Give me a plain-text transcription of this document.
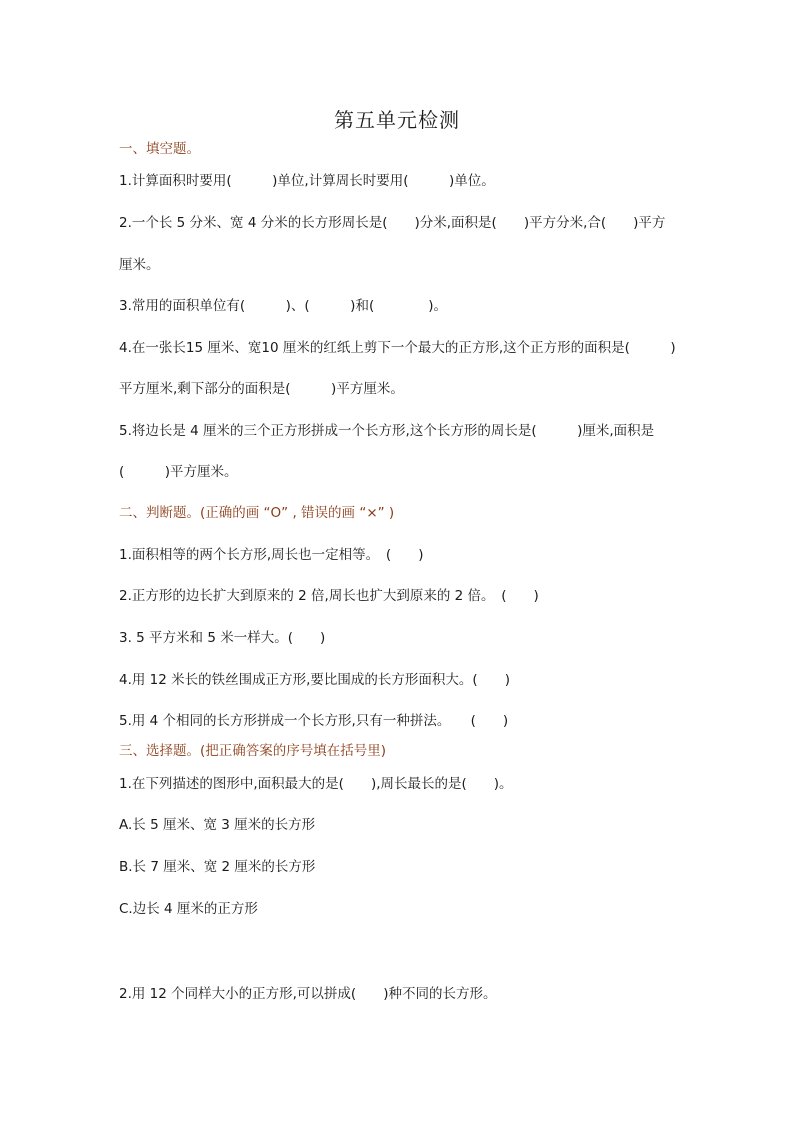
第五单元检测
一、填空题。
1.计算面积时要用(　　　)单位,计算周长时要用(　　　)单位。
2.一个长 5 分米、宽 4 分米的长方形周长是(　　)分米,面积是(　　)平方分米,合(　　)平方
厘米。
3.常用的面积单位有(　　　)、(　　　)和(　　　　)。
4.在一张长15 厘米、宽10 厘米的红纸上剪下一个最大的正方形,这个正方形的面积是(　　　)
平方厘米,剩下部分的面积是(　　　)平方厘米。
5.将边长是 4 厘米的三个正方形拼成一个长方形,这个长方形的周长是(　　　)厘米,面积是
(　　　)平方厘米。
二、判断题。(正确的画 “Ο” , 错误的画 “×” )
1.面积相等的两个长方形,周长也一定相等。　(　　)
2.正方形的边长扩大到原来的 2 倍,周长也扩大到原来的 2 倍。　(　　)
3. 5 平方米和 5 米一样大。(　　)
4.用 12 米长的铁丝围成正方形,要比围成的长方形面积大。(　　)
5.用 4 个相同的长方形拼成一个长方形,只有一种拼法。　　(　　)
三、选择题。(把正确答案的序号填在括号里)
1.在下列描述的图形中,面积最大的是(　　),周长最长的是(　　)。
A.长 5 厘米、宽 3 厘米的长方形
B.长 7 厘米、宽 2 厘米的长方形
C.边长 4 厘米的正方形
2.用 12 个同样大小的正方形,可以拼成(　　)种不同的长方形。
